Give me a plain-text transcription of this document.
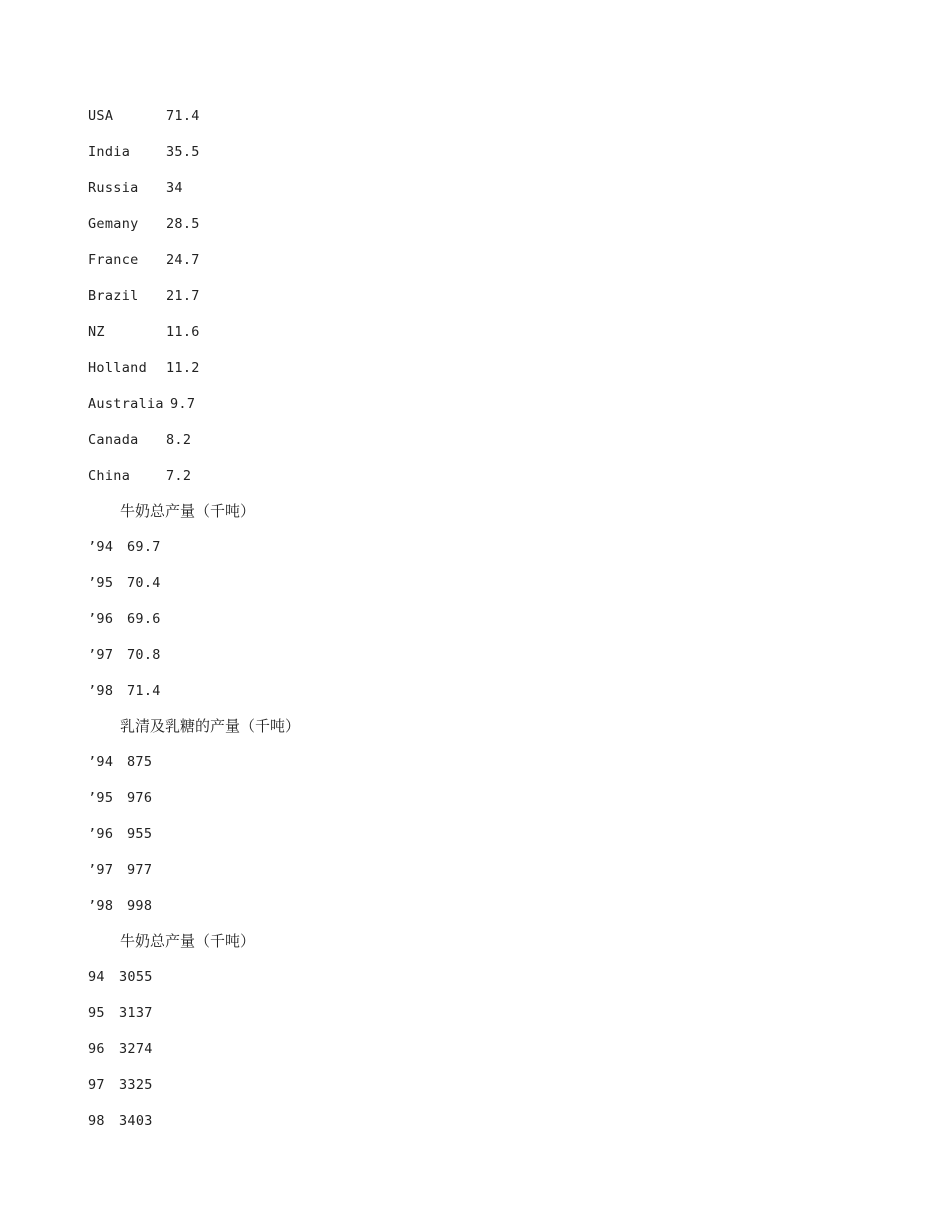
USA	71.4
India	35.5
Russia 34
Gemany 28.5
France 24.7
Brazil 21.7
NZ	11.6
Holland 11.2
Australia 9.7
Canada 8.2
China	7.2
牛奶总产量（千吨）
’94 69.7
’95 70.4
’96 69.6
’97 70.8
’98 71.4
乳清及乳糖的产量（千吨）
’94 875
’95 976
’96 955
’97 977
’98 998
牛奶总产量（千吨）
94 3055
95 3137
96 3274
97 3325
98 3403
